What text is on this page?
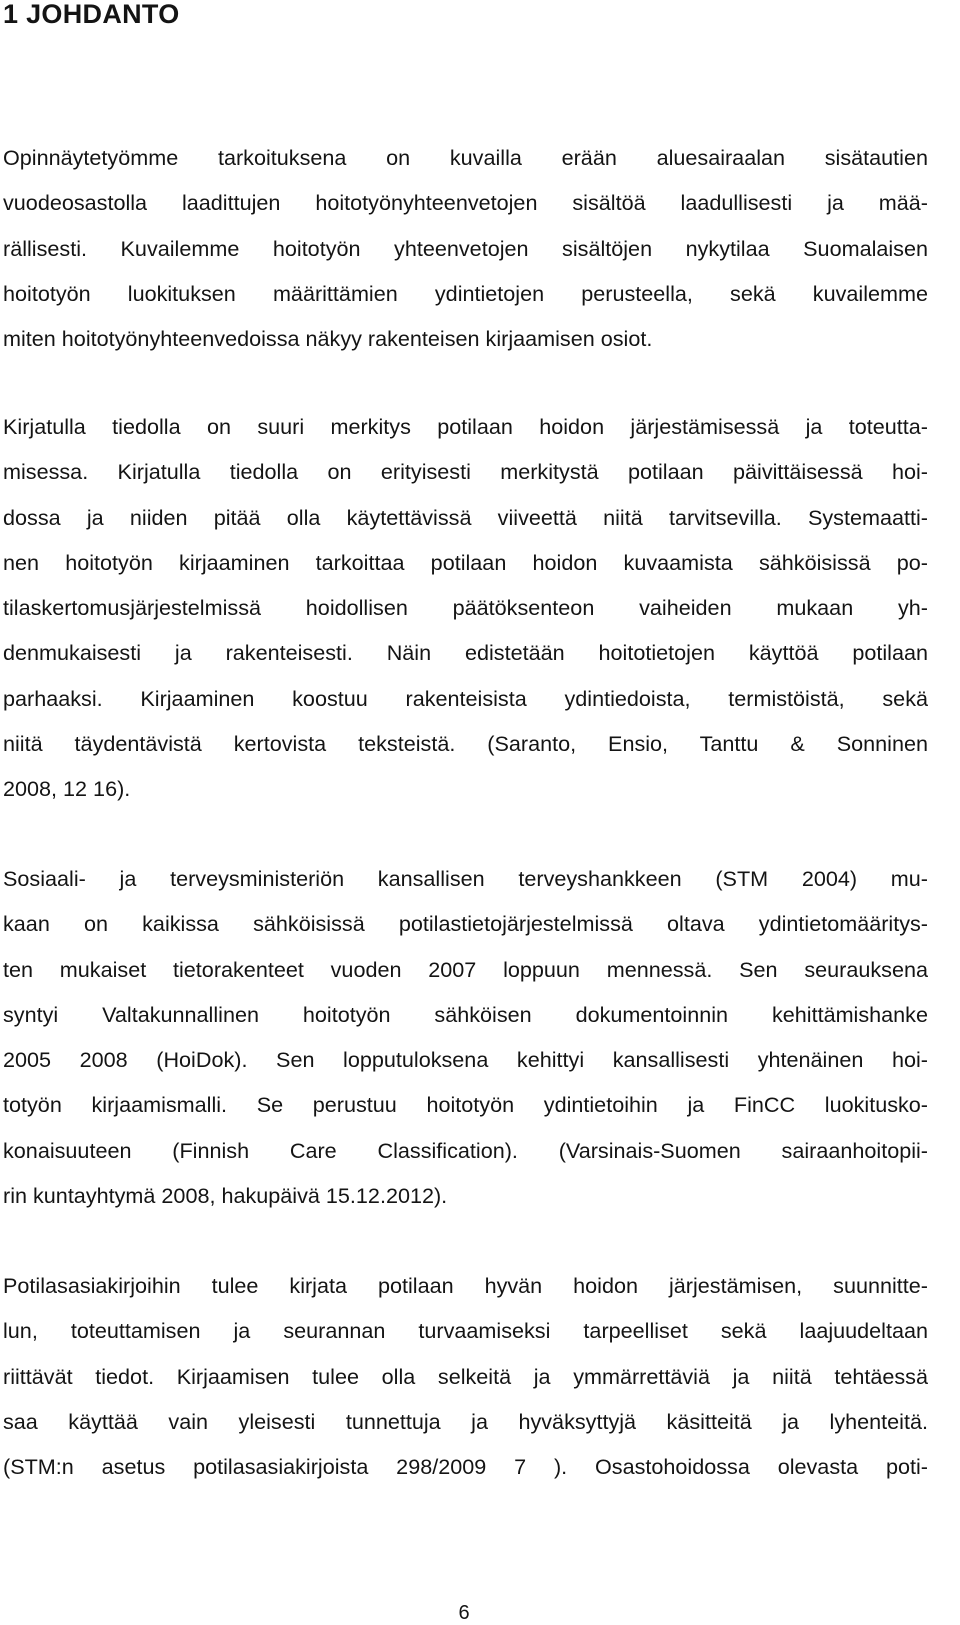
1 JOHDANTO
Opinnäytetyömme tarkoituksena on kuvailla erään aluesairaalan sisätautien
vuodeosastolla laadittujen hoitotyönyhteenvetojen sisältöä laadullisesti ja mää-
rällisesti. Kuvailemme hoitotyön yhteenvetojen sisältöjen nykytilaa Suomalaisen
hoitotyön luokituksen määrittämien ydintietojen perusteella, sekä kuvailemme
miten hoitotyönyhteenvedoissa näkyy rakenteisen kirjaamisen osiot.
Kirjatulla tiedolla on suuri merkitys potilaan hoidon järjestämisessä ja toteutta-
misessa. Kirjatulla tiedolla on erityisesti merkitystä potilaan päivittäisessä hoi-
dossa ja niiden pitää olla käytettävissä viiveettä niitä tarvitsevilla. Systemaatti-
nen hoitotyön kirjaaminen tarkoittaa potilaan hoidon kuvaamista sähköisissä po-
tilaskertomusjärjestelmissä hoidollisen päätöksenteon vaiheiden mukaan yh-
denmukaisesti ja rakenteisesti. Näin edistetään hoitotietojen käyttöä potilaan
parhaaksi. Kirjaaminen koostuu rakenteisista ydintiedoista, termistöistä, sekä
niitä täydentävistä kertovista teksteistä. (Saranto, Ensio, Tanttu & Sonninen
2008, 12 16).
Sosiaali- ja terveysministeriön kansallisen terveyshankkeen (STM 2004) mu-
kaan on kaikissa sähköisissä potilastietojärjestelmissä oltava ydintietomääritys-
ten mukaiset tietorakenteet vuoden 2007 loppuun mennessä. Sen seurauksena
syntyi Valtakunnallinen hoitotyön sähköisen dokumentoinnin kehittämishanke
2005 2008 (HoiDok). Sen lopputuloksena kehittyi kansallisesti yhtenäinen hoi-
totyön kirjaamismalli. Se perustuu hoitotyön ydintietoihin ja FinCC luokitusko-
konaisuuteen (Finnish Care Classification). (Varsinais-Suomen sairaanhoitopii-
rin kuntayhtymä 2008, hakupäivä 15.12.2012).
Potilasasiakirjoihin tulee kirjata potilaan hyvän hoidon järjestämisen, suunnitte-
lun, toteuttamisen ja seurannan turvaamiseksi tarpeelliset sekä laajuudeltaan
riittävät tiedot. Kirjaamisen tulee olla selkeitä ja ymmärrettäviä ja niitä tehtäessä
saa käyttää vain yleisesti tunnettuja ja hyväksyttyjä käsitteitä ja lyhenteitä.
(STM:n asetus potilasasiakirjoista 298/2009 7 ). Osastohoidossa olevasta poti-
6
